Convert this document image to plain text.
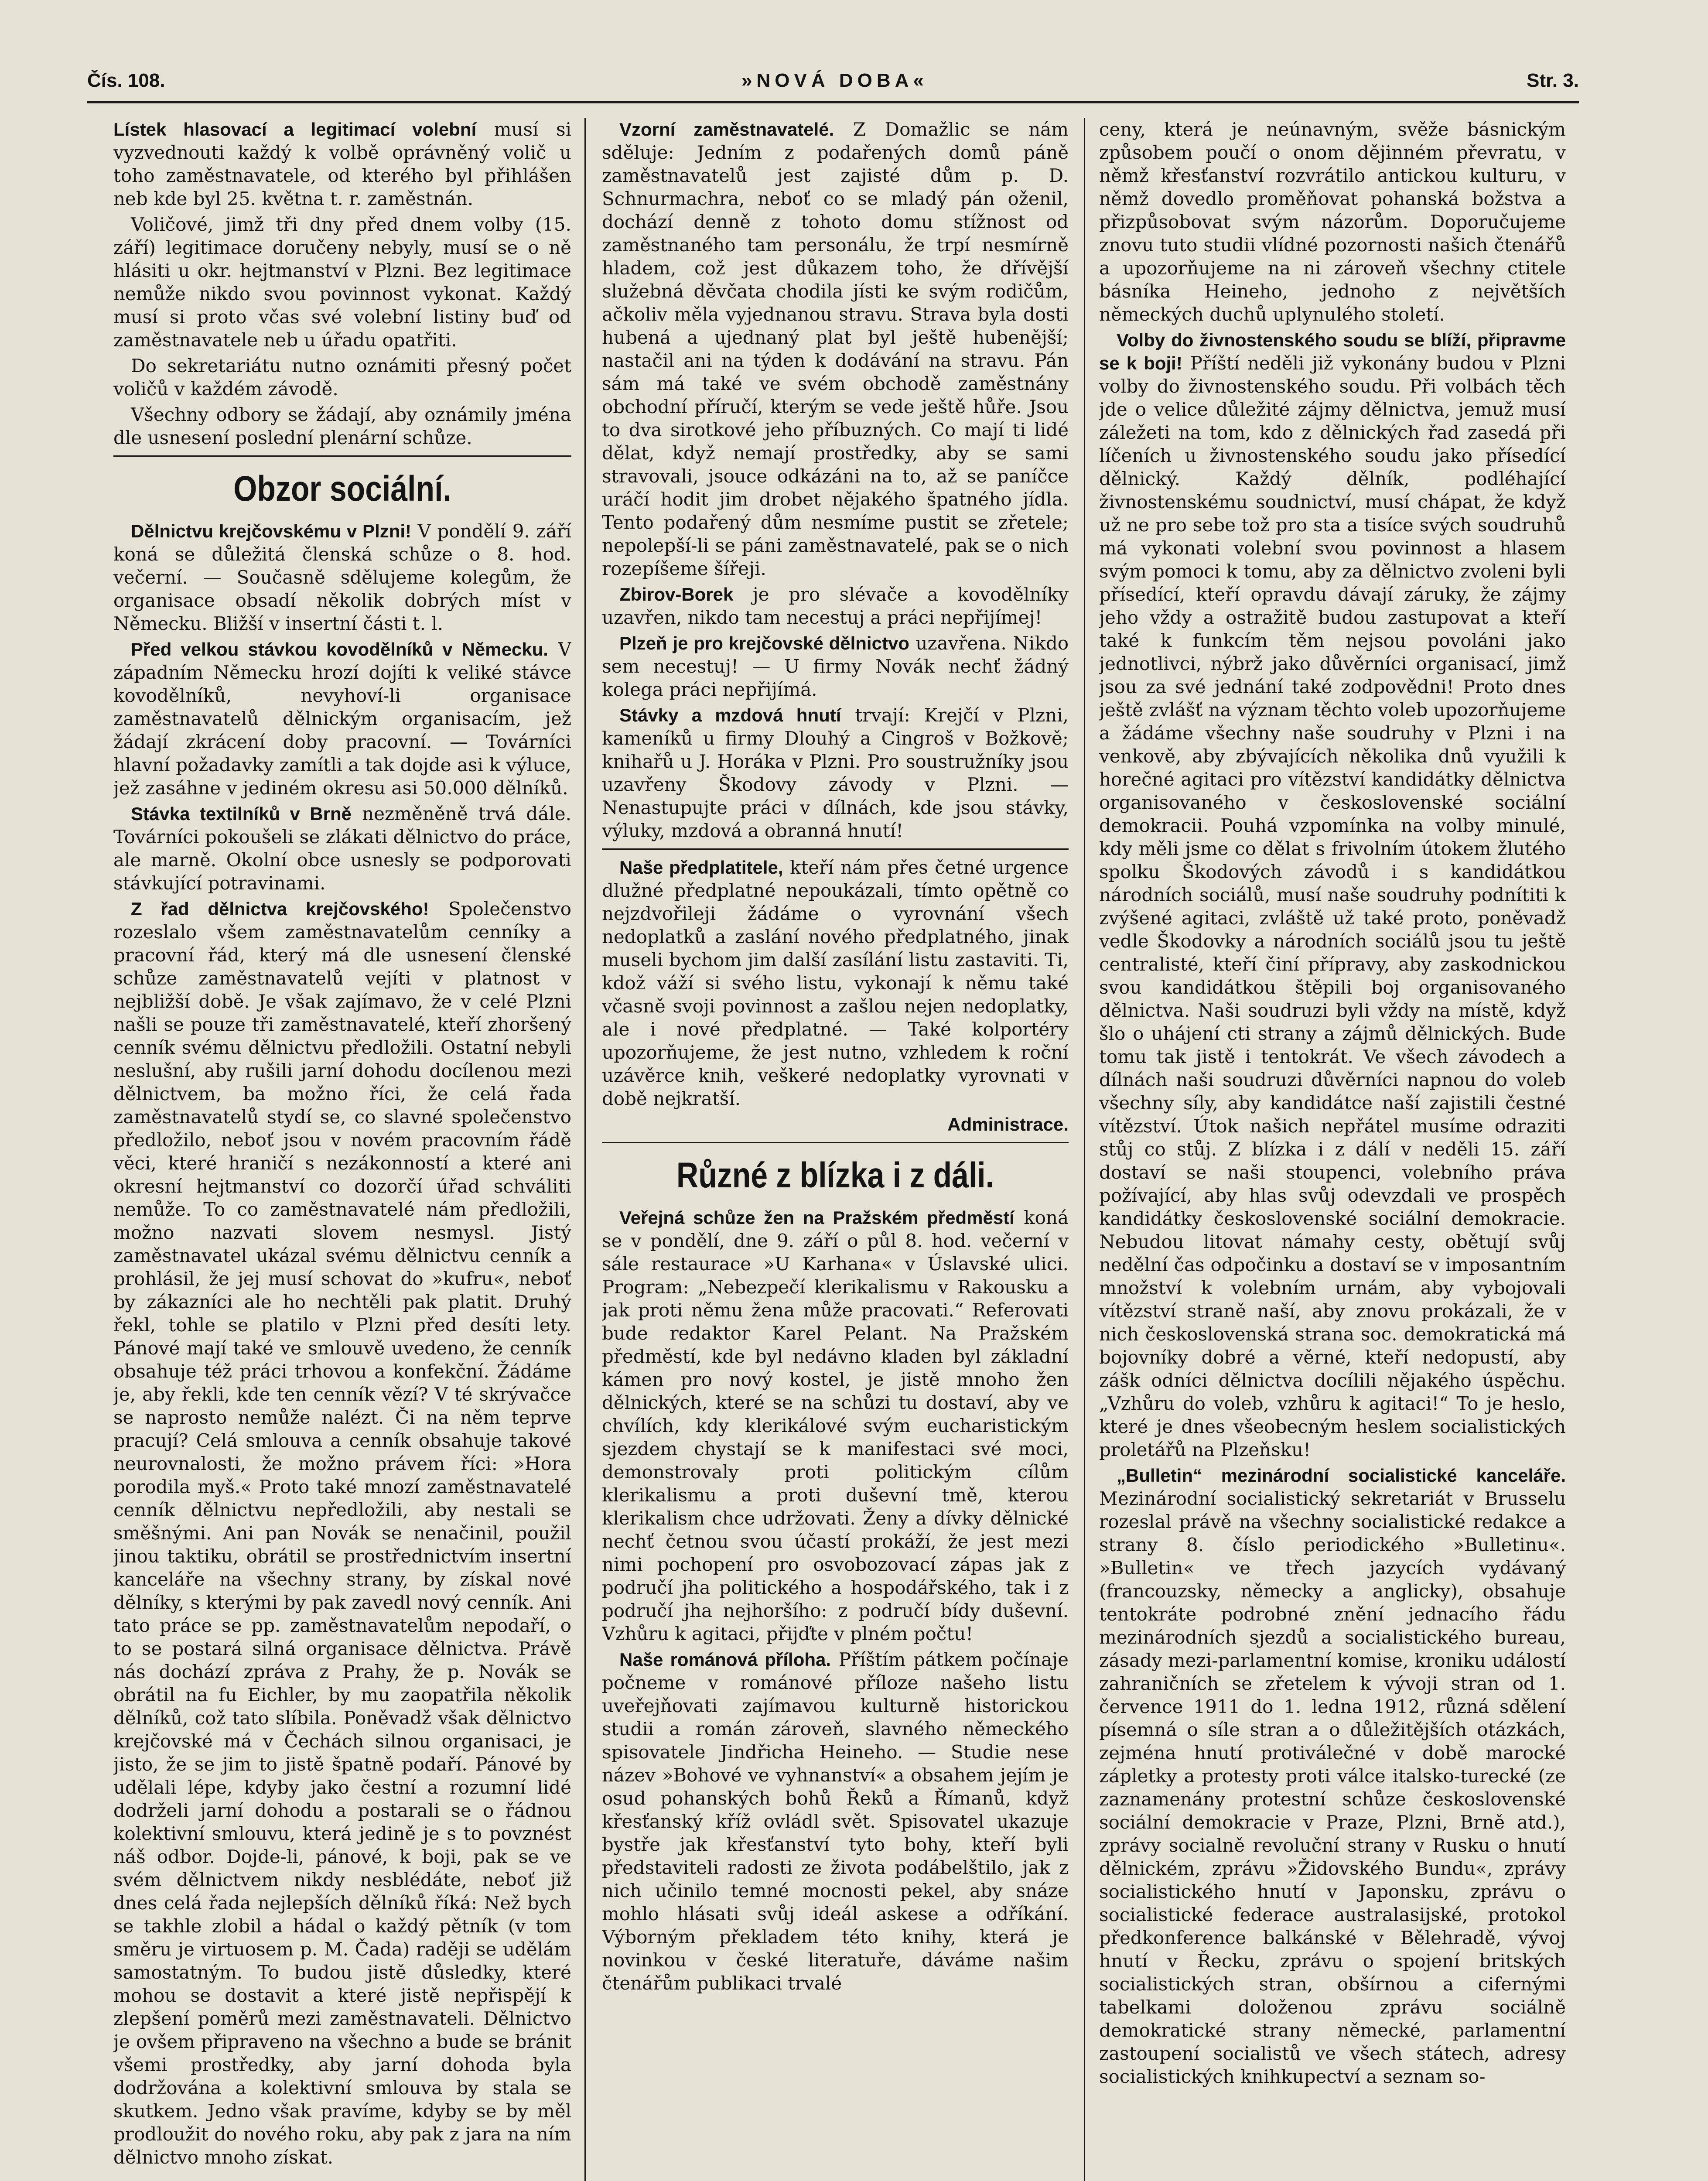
Čís. 108.	»NOVÁ DOBA«	Str. 3.

Lístek hlasovací a legitimací volební musí si vyzvednouti každý k volbě oprávněný volič u toho zaměstnavatele, od kterého byl přihlášen neb kde byl 25. května t. r. zaměstnán.

Voličové, jimž tři dny před dnem volby (15. září) legitimace doručeny nebyly, musí se o ně hlásiti u okr. hejtmanství v Plzni. Bez legitimace nemůže nikdo svou povinnost vykonat. Každý musí si proto včas své volební listiny buď od zaměstnavatele neb u úřadu opatřiti.

Do sekretariátu nutno oznámiti přesný počet voličů v každém závodě.

Všechny odbory se žádají, aby oznámily jména dle usnesení poslední plenární schůze.

Obzor sociální.

Dělnictvu krejčovskému v Plzni! V pondělí 9. září koná se důležitá členská schůze o 8. hod. večerní. — Současně sdělujeme kolegům, že organisace obsadí několik dobrých míst v Německu. Bližší v insertní části t. l.

Před velkou stávkou kovodělníků v Německu. V západním Německu hrozí dojíti k veliké stávce kovodělníků, nevyhoví-li organisace zaměstnavatelů dělnickým organisacím, jež žádají zkrácení doby pracovní. — Továrníci hlavní požadavky zamítli a tak dojde asi k výluce, jež zasáhne v jediném okresu asi 50.000 dělníků.

Stávka textilníků v Brně nezměněně trvá dále. Továrníci pokoušeli se zlákati dělnictvo do práce, ale marně. Okolní obce usnesly se podporovati stávkující potravinami.

Z řad dělnictva krejčovského! Společenstvo rozeslalo všem zaměstnavatelům cenníky a pracovní řád, který má dle usnesení členské schůze zaměstnavatelů vejíti v platnost v nejbližší době. Je však zajímavo, že v celé Plzni našli se pouze tři zaměstnavatelé, kteří zhoršený cenník svému dělnictvu předložili. Ostatní nebyli neslušní, aby rušili jarní dohodu docílenou mezi dělnictvem, ba možno říci, že celá řada zaměstnavatelů stydí se, co slavné společenstvo předložilo, neboť jsou v novém pracovním řádě věci, které hraničí s nezákonností a které ani okresní hejtmanství co dozorčí úřad schváliti nemůže. To co zaměstnavatelé nám předložili, možno nazvati slovem nesmysl. Jistý zaměstnavatel ukázal svému dělnictvu cenník a prohlásil, že jej musí schovat do »kufru«, neboť by zákazníci ale ho nechtěli pak platit. Druhý řekl, tohle se platilo v Plzni před desíti lety. Pánové mají také ve smlouvě uvedeno, že cenník obsahuje též práci trhovou a konfekční. Žádáme je, aby řekli, kde ten cenník vězí? V té skrývačce se naprosto nemůže nalézt. Či na něm teprve pracují? Celá smlouva a cenník obsahuje takové neurovnalosti, že možno právem říci: »Hora porodila myš.« Proto také mnozí zaměstnavatelé cenník dělnictvu nepředložili, aby nestali se směšnými. Ani pan Novák se nenačinil, použil jinou taktiku, obrátil se prostřednictvím insertní kanceláře na všechny strany, by získal nové dělníky, s kterými by pak zavedl nový cenník. Ani tato práce se pp. zaměstnavatelům nepodaří, o to se postará silná organisace dělnictva. Právě nás dochází zpráva z Prahy, že p. Novák se obrátil na fu Eichler, by mu zaopatřila několik dělníků, což tato slíbila. Poněvadž však dělnictvo krejčovské má v Čechách silnou organisaci, je jisto, že se jim to jistě špatně podaří. Pánové by udělali lépe, kdyby jako čestní a rozumní lidé dodrželi jarní dohodu a postarali se o řádnou kolektivní smlouvu, která jedině je s to povznést náš odbor. Dojde-li, pánové, k boji, pak se ve svém dělnictvem nikdy nesblédáte, neboť již dnes celá řada nejlepších dělníků říká: Než bych se takhle zlobil a hádal o každý pětník (v tom směru je virtuosem p. M. Čada) raději se udělám samostatným. To budou jistě důsledky, které mohou se dostavit a které jistě nepřispějí k zlepšení poměrů mezi zaměstnavateli. Dělnictvo je ovšem připraveno na všechno a bude se bránit všemi prostředky, aby jarní dohoda byla dodržována a kolektivní smlouva by stala se skutkem. Jedno však pravíme, kdyby se by měl prodloužit do nového roku, aby pak z jara na ním dělnictvo mnoho získat.

Vzorní zaměstnavatelé. Z Domažlic se nám sděluje: Jedním z podařených domů páně zaměstnavatelů jest zajisté dům p. D. Schnurmachra, neboť co se mladý pán oženil, dochází denně z tohoto domu stížnost od zaměstnaného tam personálu, že trpí nesmírně hladem, což jest důkazem toho, že dřívější služebná děvčata chodila jísti ke svým rodičům, ačkoliv měla vyjednanou stravu. Strava byla dosti hubená a ujednaný plat byl ještě hubenější; nastačil ani na týden k dodávání na stravu. Pán sám má také ve svém obchodě zaměstnány obchodní příručí, kterým se vede ještě hůře. Jsou to dva sirotkové jeho příbuzných. Co mají ti lidé dělat, když nemají prostředky, aby se sami stravovali, jsouce odkázáni na to, až se paníčce uráčí hodit jim drobet nějakého špatného jídla. Tento podařený dům nesmíme pustit se zřetele; nepolepší-li se páni zaměstnavatelé, pak se o nich rozepíšeme šířeji.

Zbirov-Borek je pro slévače a kovodělníky uzavřen, nikdo tam necestuj a práci nepřijímej!

Plzeň je pro krejčovské dělnictvo uzavřena. Nikdo sem necestuj! — U firmy Novák nechť žádný kolega práci nepřijímá.

Stávky a mzdová hnutí trvají: Krejčí v Plzni, kameníků u firmy Dlouhý a Cingroš v Božkově; knihařů u J. Horáka v Plzni. Pro soustružníky jsou uzavřeny Škodovy závody v Plzni. — Nenastupujte práci v dílnách, kde jsou stávky, výluky, mzdová a obranná hnutí!

Naše předplatitele, kteří nám přes četné urgence dlužné předplatné nepoukázali, tímto opětně co nejzdvořileji žádáme o vyrovnání všech nedoplatků a zaslání nového předplatného, jinak museli bychom jim další zasílání listu zastaviti. Ti, kdož váží si svého listu, vykonají k němu také včasně svoji povinnost a zašlou nejen nedoplatky, ale i nové předplatné. — Také kolportéry upozorňujeme, že jest nutno, vzhledem k roční uzávěrce knih, veškeré nedoplatky vyrovnati v době nejkratší.

Administrace.
Různé z blízka i z dáli.

Veřejná schůze žen na Pražském předměstí koná se v pondělí, dne 9. září o půl 8. hod. večerní v sále restaurace »U Karhana« v Úslavské ulici. Program: „Nebezpečí klerikalismu v Rakousku a jak proti němu žena může pracovati.“ Referovati bude redaktor Karel Pelant. Na Pražském předměstí, kde byl nedávno kladen byl základní kámen pro nový kostel, je jistě mnoho žen dělnických, které se na schůzi tu dostaví, aby ve chvílích, kdy klerikálové svým eucharistickým sjezdem chystají se k manifestaci své moci, demonstrovaly proti politickým cílům klerikalismu a proti duševní tmě, kterou klerikalism chce udržovati. Ženy a dívky dělnické nechť četnou svou účastí prokáží, že jest mezi nimi pochopení pro osvobozovací zápas jak z područí jha politického a hospodářského, tak i z područí jha nejhoršího: z područí bídy duševní. Vzhůru k agitaci, přijďte v plném počtu!

Naše románová příloha. Příštím pátkem počínaje počneme v románové příloze našeho listu uveřejňovati zajímavou kulturně historickou studii a román zároveň, slavného německého spisovatele Jindřicha Heineho. — Studie nese název »Bohové ve vyhnanství« a obsahem jejím je osud pohanských bohů Řeků a Římanů, když křesťanský kříž ovládl svět. Spisovatel ukazuje bystře jak křesťanství tyto bohy, kteří byli představiteli radosti ze života podábelštilo, jak z nich učinilo temné mocnosti pekel, aby snáze mohlo hlásati svůj ideál askese a odříkání. Výborným překladem této knihy, která je novinkou v české literatuře, dáváme našim čtenářům publikaci trvalé

ceny, která je neúnavným, svěže básnickým způsobem poučí o onom dějinném převratu, v němž křesťanství rozvrátilo antickou kulturu, v němž dovedlo proměňovat pohanská božstva a přizpůsobovat svým názorům. Doporučujeme znovu tuto studii vlídné pozornosti našich čtenářů a upozorňujeme na ni zároveň všechny ctitele básníka Heineho, jednoho z největších německých duchů uplynulého století.

Volby do živnostenského soudu se blíží, připravme se k boji! Příští neděli již vykonány budou v Plzni volby do živnostenského soudu. Při volbách těch jde o velice důležité zájmy dělnictva, jemuž musí záležeti na tom, kdo z dělnických řad zasedá při líčeních u živnostenského soudu jako přísedící dělnický. Každý dělník, podléhající živnostenskému soudnictví, musí chápat, že když už ne pro sebe tož pro sta a tisíce svých soudruhů má vykonati volební svou povinnost a hlasem svým pomoci k tomu, aby za dělnictvo zvoleni byli přísedící, kteří opravdu dávají záruky, že zájmy jeho vždy a ostražitě budou zastupovat a kteří také k funkcím těm nejsou povoláni jako jednotlivci, nýbrž jako důvěrníci organisací, jimž jsou za své jednání také zodpovědni! Proto dnes ještě zvlášť na význam těchto voleb upozorňujeme a žádáme všechny naše soudruhy v Plzni i na venkově, aby zbývajících několika dnů využili k horečné agitaci pro vítězství kandidátky dělnictva organisovaného v československé sociální demokracii. Pouhá vzpomínka na volby minulé, kdy měli jsme co dělat s frivolním útokem žlutého spolku Škodových závodů i s kandidátkou národních sociálů, musí naše soudruhy podnítiti k zvýšené agitaci, zvláště už také proto, poněvadž vedle Škodovky a národních sociálů jsou tu ještě centralisté, kteří činí přípravy, aby zaskodnickou svou kandidátkou štěpili boj organisovaného dělnictva. Naši soudruzi byli vždy na místě, když šlo o uhájení cti strany a zájmů dělnických. Bude tomu tak jistě i tentokrát. Ve všech závodech a dílnách naši soudruzi důvěrníci napnou do voleb všechny síly, aby kandidátce naší zajistili čestné vítězství. Útok našich nepřátel musíme odraziti stůj co stůj. Z blízka i z dálí v neděli 15. září dostaví se naši stoupenci, volebního práva požívající, aby hlas svůj odevzdali ve prospěch kandidátky československé sociální demokracie. Nebudou litovat námahy cesty, obětují svůj nedělní čas odpočinku a dostaví se v imposantním množství k volebním urnám, aby vybojovali vítězství straně naší, aby znovu prokázali, že v nich československá strana soc. demokratická má bojovníky dobré a věrné, kteří nedopustí, aby zášk odníci dělnictva docílili nějakého úspěchu. „Vzhůru do voleb, vzhůru k agitaci!“ To je heslo, které je dnes všeobecným heslem socialistických proletářů na Plzeňsku!

„Bulletin“ mezinárodní socialistické kanceláře. Mezinárodní socialistický sekretariát v Brusselu rozeslal právě na všechny socialistické redakce a strany 8. číslo periodického »Bulletinu«. »Bulletin« ve třech jazycích vydávaný (francouzsky, německy a anglicky), obsahuje tentokráte podrobné znění jednacího řádu mezinárodních sjezdů a socialistického bureau, zásady mezi-parlamentní komise, kroniku událostí zahraničních se zřetelem k vývoji stran od 1. července 1911 do 1. ledna 1912, různá sdělení písemná o síle stran a o důležitějších otázkách, zejména hnutí protiválečné v době marocké zápletky a protesty proti válce italsko-turecké (ze zaznamenány protestní schůze československé sociální demokracie v Praze, Plzni, Brně atd.), zprávy socialně revoluční strany v Rusku o hnutí dělnickém, zprávu »Židovského Bundu«, zprávy socialistického hnutí v Japonsku, zprávu o socialistické federace australasijské, protokol předkonference balkánské v Bělehradě, vývoj hnutí v Řecku, zprávu o spojení britských socialistických stran, obšírnou a cifernými tabelkami doloženou zprávu sociálně demokratické strany německé, parlamentní zastoupení socialistů ve všech státech, adresy socialistických knihkupectví a seznam so-
